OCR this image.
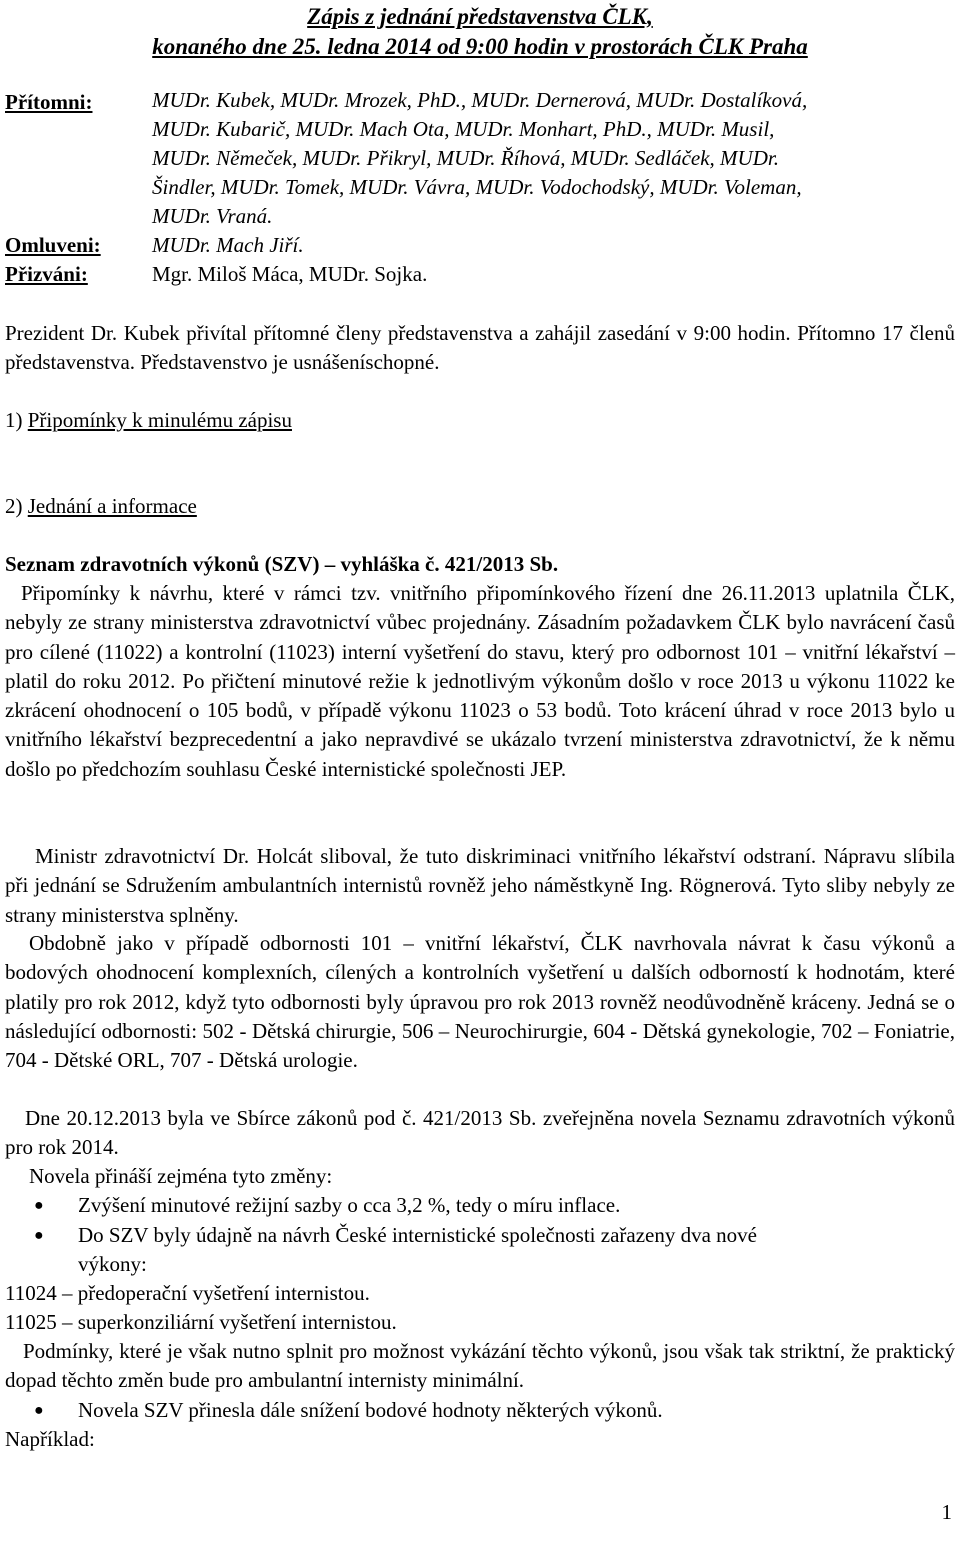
Zápis z jednání představenstva ČLK,
konaného dne 25. ledna 2014 od 9:00 hodin v prostorách ČLK Praha
Přítomni:	MUDr. Kubek, MUDr. Mrozek, PhD., MUDr. Dernerová, MUDr. Dostalíková,
MUDr. Kubarič, MUDr. Mach Ota, MUDr. Monhart, PhD., MUDr. Musil,
MUDr. Němeček, MUDr. Přikryl, MUDr. Říhová, MUDr. Sedláček, MUDr.
Šindler, MUDr. Tomek, MUDr. Vávra, MUDr. Vodochodský, MUDr. Voleman,
MUDr. Vraná.
Omluveni: MUDr. Mach Jiří.
Přizváni:	Mgr. Miloš Máca, MUDr. Sojka.
Prezident Dr. Kubek přivítal přítomné členy představenstva a zahájil zasedání v 9:00 hodin. Přítomno 17 členů představenstva. Představenstvo je usnášeníschopné.
1) Připomínky k minulému zápisu
2) Jednání a informace
Seznam zdravotních výkonů (SZV) – vyhláška č. 421/2013 Sb.
Připomínky k návrhu, které v rámci tzv. vnitřního připomínkového řízení dne 26.11.2013 uplatnila ČLK, nebyly ze strany ministerstva zdravotnictví vůbec projednány. Zásadním požadavkem ČLK bylo navrácení časů pro cílené (11022) a kontrolní (11023) interní vyšetření do stavu, který pro odbornost 101 – vnitřní lékařství – platil do roku 2012. Po přičtení minutové režie k jednotlivým výkonům došlo v roce 2013 u výkonu 11022 ke zkrácení ohodnocení o 105 bodů, v případě výkonu 11023 o 53 bodů. Toto krácení úhrad v roce 2013 bylo u vnitřního lékařství bezprecedentní a jako nepravdivé se ukázalo tvrzení ministerstva zdravotnictví, že k němu došlo po předchozím souhlasu České internistické společnosti JEP.
Ministr zdravotnictví Dr. Holcát sliboval, že tuto diskriminaci vnitřního lékařství odstraní. Nápravu slíbila při jednání se Sdružením ambulantních internistů rovněž jeho náměstkyně Ing. Rögnerová. Tyto sliby nebyly ze strany ministerstva splněny.
Obdobně jako v případě odbornosti 101 – vnitřní lékařství, ČLK navrhovala návrat k času výkonů a bodových ohodnocení komplexních, cílených a kontrolních vyšetření u dalších odborností k hodnotám, které platily pro rok 2012, když tyto odbornosti byly úpravou pro rok 2013 rovněž neodůvodněně kráceny. Jedná se o následující odbornosti: 502 - Dětská chirurgie, 506 – Neurochirurgie, 604 - Dětská gynekologie, 702 – Foniatrie, 704 - Dětské ORL, 707 - Dětská urologie.
Dne 20.12.2013 byla ve Sbírce zákonů pod č. 421/2013 Sb. zveřejněna novela Seznamu zdravotních výkonů pro rok 2014.
Novela přináší zejména tyto změny:
● Zvýšení minutové režijní sazby o cca 3,2 %, tedy o míru inflace.
● Do SZV byly údajně na návrh České internistické společnosti zařazeny dva nové
výkony:
11024 – předoperační vyšetření internistou.
11025 – superkonziliární vyšetření internistou.
Podmínky, které je však nutno splnit pro možnost vykázání těchto výkonů, jsou však tak striktní, že praktický dopad těchto změn bude pro ambulantní internisty minimální.
● Novela SZV přinesla dále snížení bodové hodnoty některých výkonů.
Například:
1
